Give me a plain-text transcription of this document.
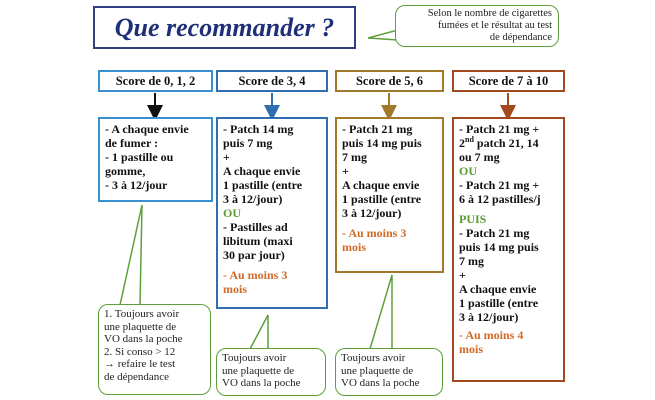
Que recommander ?	Selon le nombre de cigarettes
fumées et le résultat au test
de dépendance
Score de 0, 1, 2	Score de 3, 4	Score de 5, 6	Score de 7 à 10
- A chaque envie
de fumer :
- 1 pastille ou
gomme,
- 3 à 12/jour
- Patch 14 mg
puis 7 mg
+
A chaque envie
1 pastille (entre
3 à 12/jour)
OU
- Pastilles ad
libitum (maxi
30 par jour)
- Au moins 3
mois
- Patch 21 mg
puis 14 mg puis
7 mg
+
A chaque envie
1 pastille (entre
3 à 12/jour)
- Au moins 3
mois
- Patch 21 mg +
2nd patch 21, 14
ou 7 mg
OU
- Patch 21 mg +
6 à 12 pastilles/j
PUIS
- Patch 21 mg
puis 14 mg puis
7 mg
+
A chaque envie
1 pastille (entre
3 à 12/jour)
- Au moins 4
mois
1. Toujours avoir
une plaquette de
VO dans la poche
2. Si conso > 12
→ refaire le test
de dépendance
Toujours avoir
une plaquette de
VO dans la poche
Toujours avoir
une plaquette de
VO dans la poche
